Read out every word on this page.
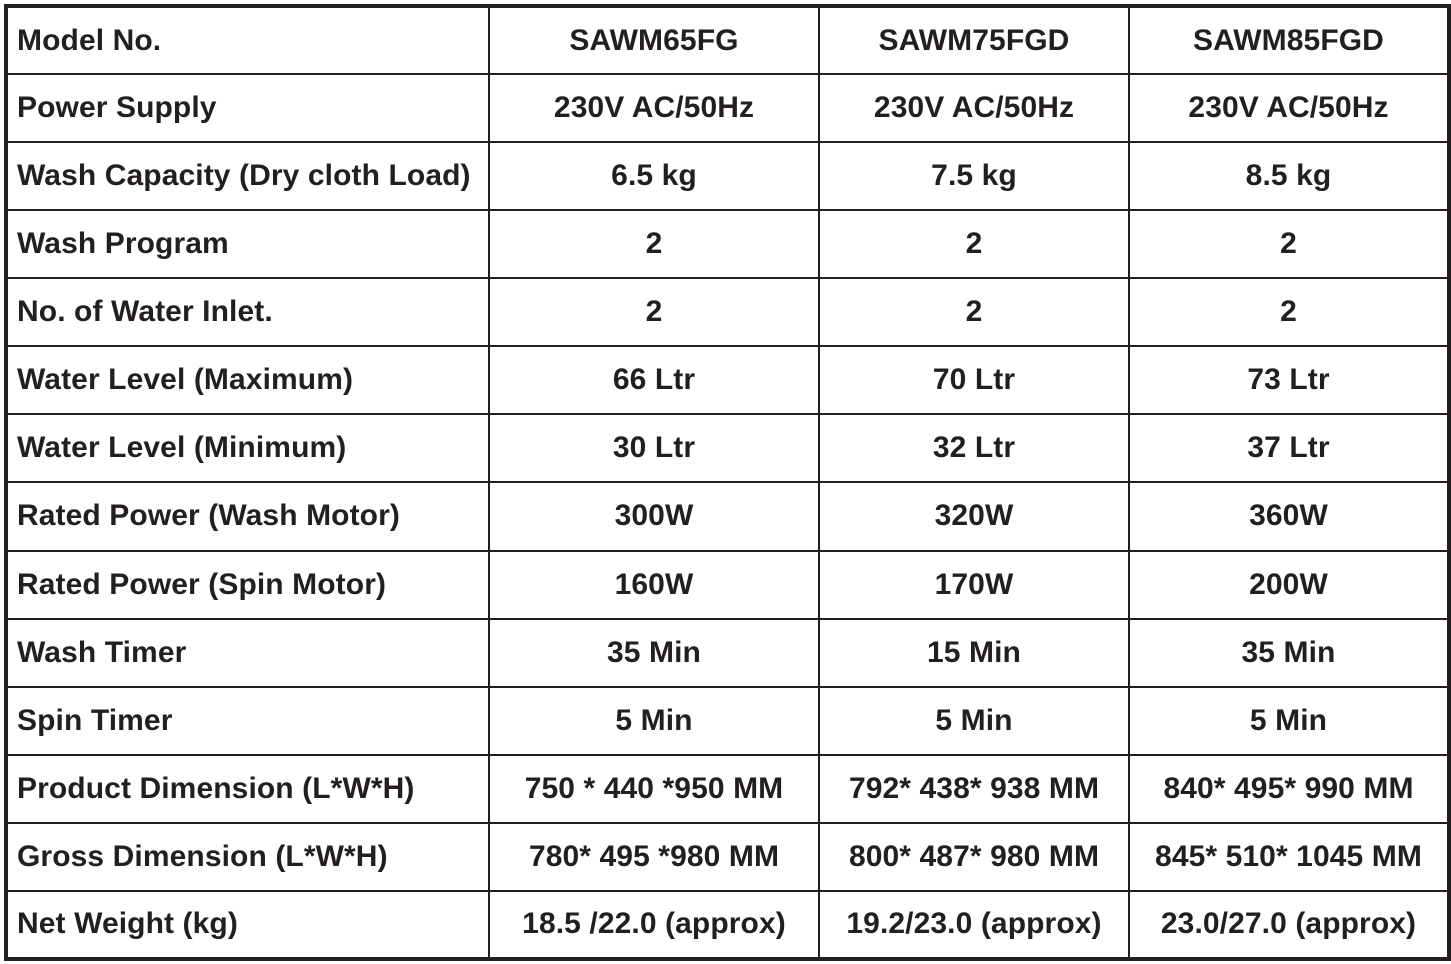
Model No.	SAWM65FG	SAWM75FGD	SAWM85FGD
Power Supply	230V AC/50Hz	230V AC/50Hz	230V AC/50Hz
Wash Capacity (Dry cloth Load)	6.5 kg	7.5 kg	8.5 kg
Wash Program	2	2	2
No. of Water Inlet.	2	2	2
Water Level (Maximum)	66 Ltr	70 Ltr	73 Ltr
Water Level (Minimum)	30 Ltr	32 Ltr	37 Ltr
Rated Power (Wash Motor)	300W	320W	360W
Rated Power (Spin Motor)	160W	170W	200W
Wash Timer	35 Min	15 Min	35 Min
Spin Timer	5 Min	5 Min	5 Min
Product Dimension (L*W*H)	750 * 440 *950 MM	792* 438* 938 MM	840* 495* 990 MM
Gross Dimension (L*W*H)	780* 495 *980 MM	800* 487* 980 MM	845* 510* 1045 MM
Net Weight (kg)	18.5 /22.0 (approx)	19.2/23.0 (approx)	23.0/27.0 (approx)
